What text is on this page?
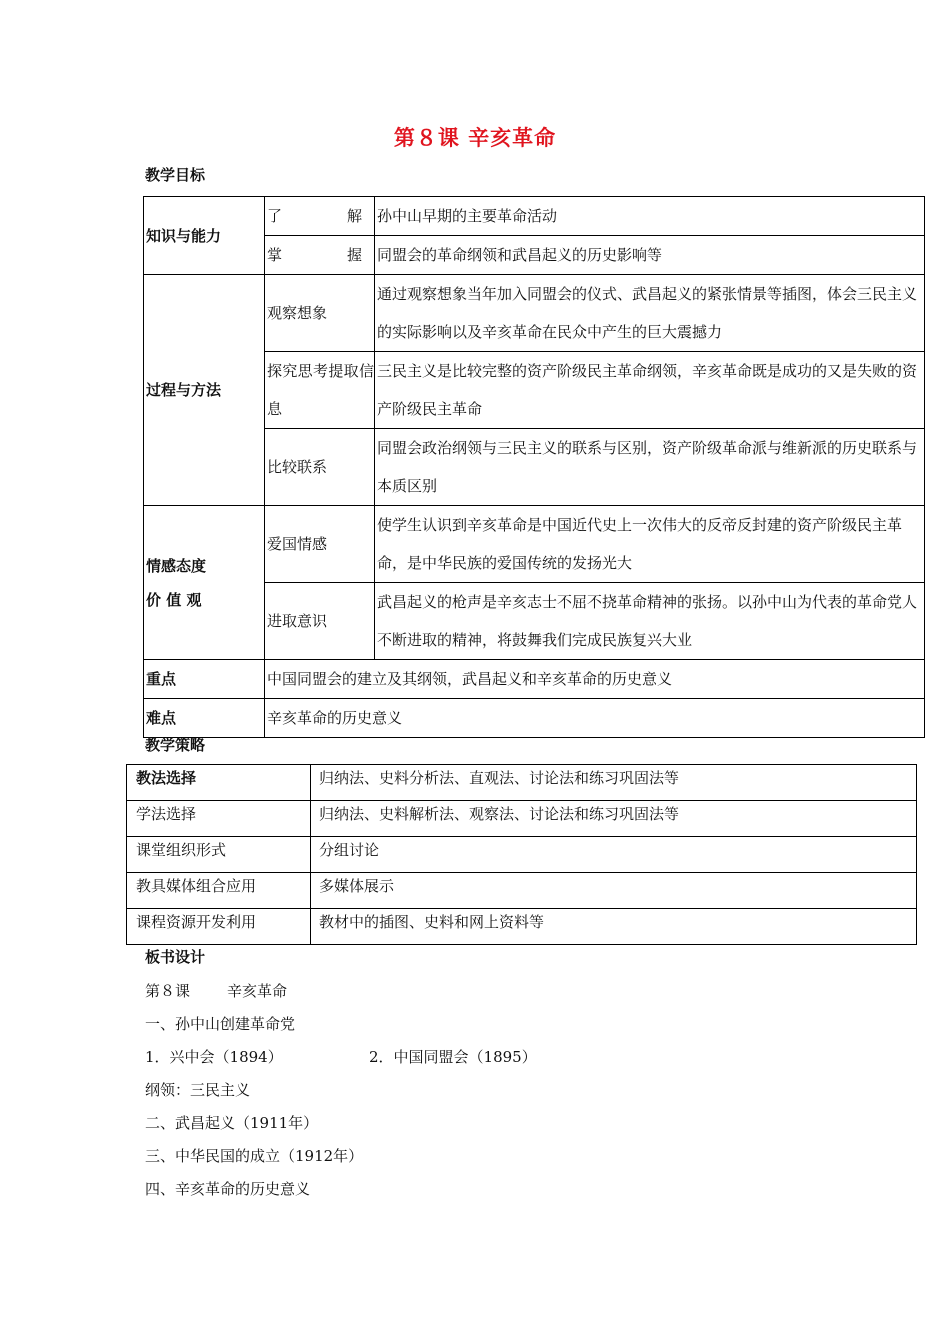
第８课 辛亥革命
教学目标
知识与能力	了 解	孙中山早期的主要革命活动
	掌 握	同盟会的革命纲领和武昌起义的历史影响等
过程与方法	观察想象	通过观察想象当年加入同盟会的仪式、武昌起义的紧张情景等插图，体会三民主义的实际影响以及辛亥革命在民众中产生的巨大震撼力
	探究思考提取信息	三民主义是比较完整的资产阶级民主革命纲领，辛亥革命既是成功的又是失败的资产阶级民主革命
	比较联系	同盟会政治纲领与三民主义的联系与区别，资产阶级革命派与维新派的历史联系与本质区别

情感态度
价 值 观	爱国情感	使学生认识到辛亥革命是中国近代史上一次伟大的反帝反封建的资产阶级民主革命，是中华民族的爱国传统的发扬光大
	进取意识	武昌起义的枪声是辛亥志士不屈不挠革命精神的张扬。以孙中山为代表的革命党人不断进取的精神，将鼓舞我们完成民族复兴大业
重点	中国同盟会的建立及其纲领，武昌起义和辛亥革命的历史意义	
难点	辛亥革命的历史意义	
教学策略
教法选择	归纳法、史料分析法、直观法、讨论法和练习巩固法等
学法选择	归纳法、史料解析法、观察法、讨论法和练习巩固法等
课堂组织形式	分组讨论
教具媒体组合应用	多媒体展示
课程资源开发利用	教材中的插图、史料和网上资料等
板书设计
第８课 辛亥革命
一、孙中山创建革命党
1．兴中会（1894）	2．中国同盟会（1895）
纲领：三民主义
二、武昌起义（1911年）
三、中华民国的成立（1912年）
四、辛亥革命的历史意义
